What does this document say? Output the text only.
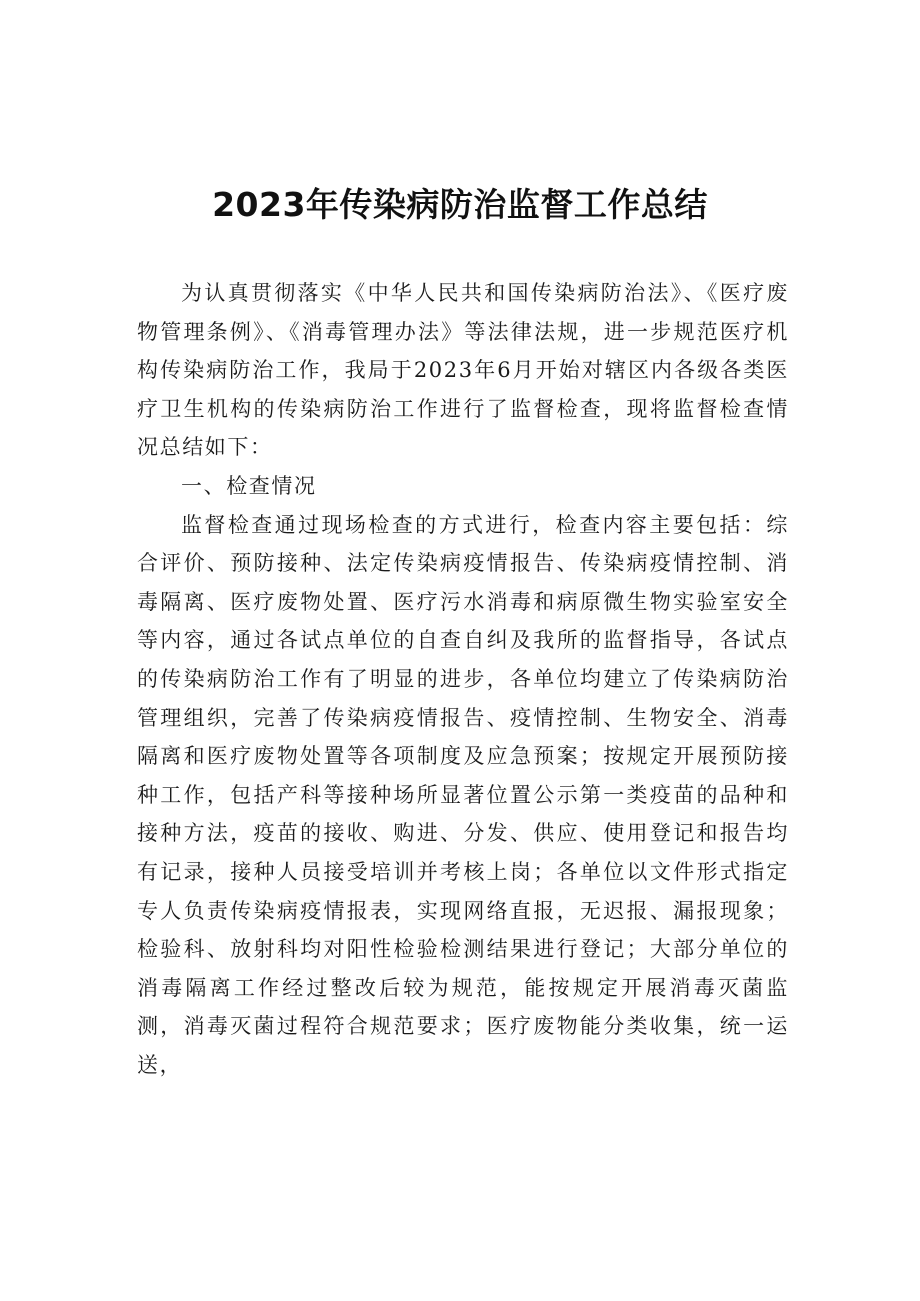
2023年传染病防治监督工作总结

为认真贯彻落实《中华人民共和国传染病防治法》、《医疗废物管理条例》、《消毒管理办法》等法律法规，进一步规范医疗机构传染病防治工作，我局于2023年6月开始对辖区内各级各类医疗卫生机构的传染病防治工作进行了监督检查，现将监督检查情况总结如下：

一、检查情况

监督检查通过现场检查的方式进行，检查内容主要包括：综合评价、预防接种、法定传染病疫情报告、传染病疫情控制、消毒隔离、医疗废物处置、医疗污水消毒和病原微生物实验室安全等内容，通过各试点单位的自查自纠及我所的监督指导，各试点的传染病防治工作有了明显的进步，各单位均建立了传染病防治管理组织，完善了传染病疫情报告、疫情控制、生物安全、消毒隔离和医疗废物处置等各项制度及应急预案；按规定开展预防接种工作，包括产科等接种场所显著位置公示第一类疫苗的品种和接种方法，疫苗的接收、购进、分发、供应、使用登记和报告均有记录，接种人员接受培训并考核上岗；各单位以文件形式指定专人负责传染病疫情报表，实现网络直报，无迟报、漏报现象；检验科、放射科均对阳性检验检测结果进行登记；大部分单位的消毒隔离工作经过整改后较为规范，能按规定开展消毒灭菌监测，消毒灭菌过程符合规范要求；医疗废物能分类收集，统一运送，
